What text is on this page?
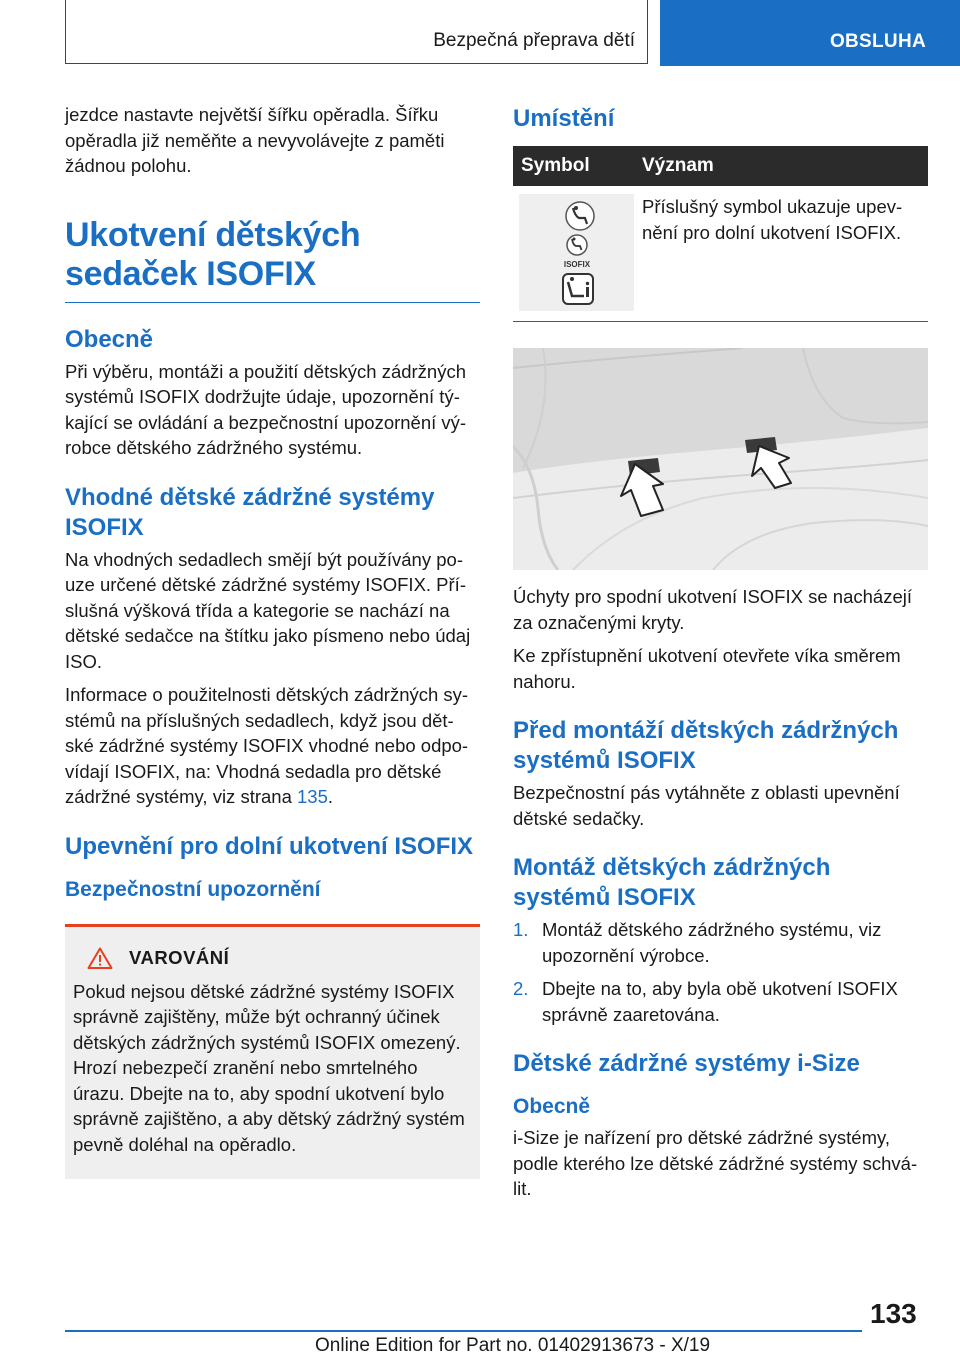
Bezpečná přeprava dětí	OBSLUHA

jezdce nastavte největší šířku opěradla. Šířku opěradla již neměňte a nevyvolávejte z paměti žádnou polohu.

Ukotvení dětských sedaček ISOFIX
Obecně

Při výběru, montáži a použití dětských zádržných systémů ISOFIX dodržujte údaje, upozornění tý- kající se ovládání a bezpečnostní upozornění vý- robce dětského zádržného systému.

Vhodné dětské zádržné systémy ISOFIX

Na vhodných sedadlech smějí být používány po- uze určené dětské zádržné systémy ISOFIX. Pří- slušná výšková třída a kategorie se nachází na dětské sedačce na štítku jako písmeno nebo údaj ISO.

Informace o použitelnosti dětských zádržných sy- stémů na příslušných sedadlech, když jsou dět- ské zádržné systémy ISOFIX vhodné nebo odpo- vídají ISOFIX, na: Vhodná sedadla pro dětské zádržné systémy, viz strana 135.

Upevnění pro dolní ukotvení ISOFIX
Bezpečnostní upozornění
VAROVÁNÍ

Pokud nejsou dětské zádržné systémy ISOFIX správně zajištěny, může být ochranný účinek dětských zádržných systémů ISOFIX omezený. Hrozí nebezpečí zranění nebo smrtelného úrazu. Dbejte na to, aby spodní ukotvení bylo správně zajištěno, a aby dětský zádržný systém pevně doléhal na opěradlo.

Umístění
Symbol	Význam

ISOFIX	Příslušný symbol ukazuje upev- nění pro dolní ukotvení ISOFIX.

Úchyty pro spodní ukotvení ISOFIX se nacházejí za označenými kryty.

Ke zpřístupnění ukotvení otevřete víka směrem nahoru.

Před montáží dětských zádržných systémů ISOFIX

Bezpečnostní pás vytáhněte z oblasti upevnění dětské sedačky.

Montáž dětských zádržných systémů ISOFIX
1. Montáž dětského zádržného systému, viz upozornění výrobce.
2. Dbejte na to, aby byla obě ukotvení ISOFIX správně zaaretována.
Dětské zádržné systémy i-Size
Obecně

i-Size je nařízení pro dětské zádržné systémy, podle kterého lze dětské zádržné systémy schvá- lit.

133
Online Edition for Part no. 01402913673 - X/19
